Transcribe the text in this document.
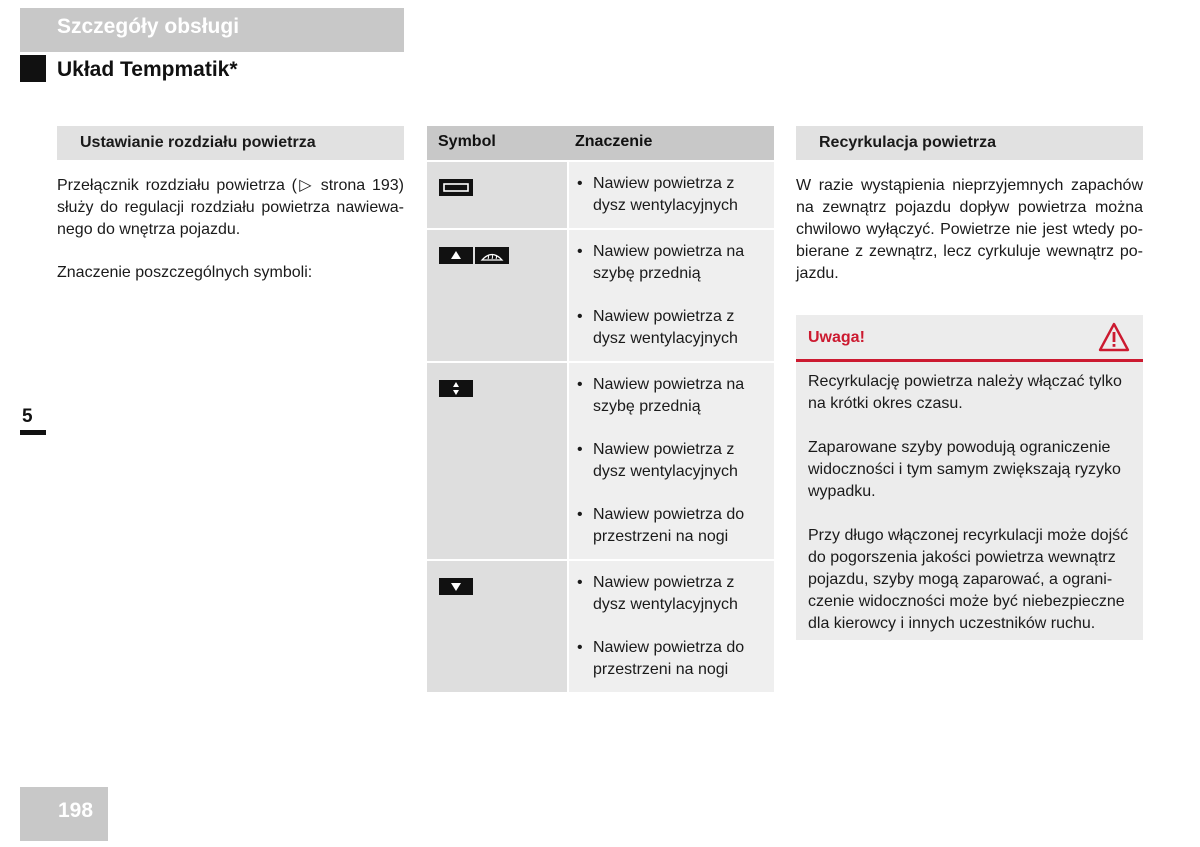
Szczegóły obsługi
Układ Tempmatik*
5
Ustawianie rozdziału powietrza
Przełącznik rozdziału powietrza (▷ strona 193)
służy do regulacji rozdziału powietrza nawiewa-
nego do wnętrza pojazdu.
Znaczenie poszczególnych symboli:
Symbol	Znaczenie
• Nawiew powietrza z dysz wentylacyjnych
• Nawiew powietrza na szybę przednią
• Nawiew powietrza z dysz wentylacyjnych
• Nawiew powietrza na szybę przednią
• Nawiew powietrza z dysz wentylacyjnych
• Nawiew powietrza do przestrzeni na nogi
• Nawiew powietrza z dysz wentylacyjnych
• Nawiew powietrza do przestrzeni na nogi
Recyrkulacja powietrza
W razie wystąpienia nieprzyjemnych zapachów
na zewnątrz pojazdu dopływ powietrza można
chwilowo wyłączyć. Powietrze nie jest wtedy po-
bierane z zewnątrz, lecz cyrkuluje wewnątrz po-
jazdu.
Uwaga!

Recyrkulację powietrza należy włączać tylko
na krótki okres czasu.

Zaparowane szyby powodują ograniczenie
widoczności i tym samym zwiększają ryzyko
wypadku.

Przy długo włączonej recyrkulacji może dojść
do pogorszenia jakości powietrza wewnątrz
pojazdu, szyby mogą zaparować, a ograni-
czenie widoczności może być niebezpieczne
dla kierowcy i innych uczestników ruchu.

198
